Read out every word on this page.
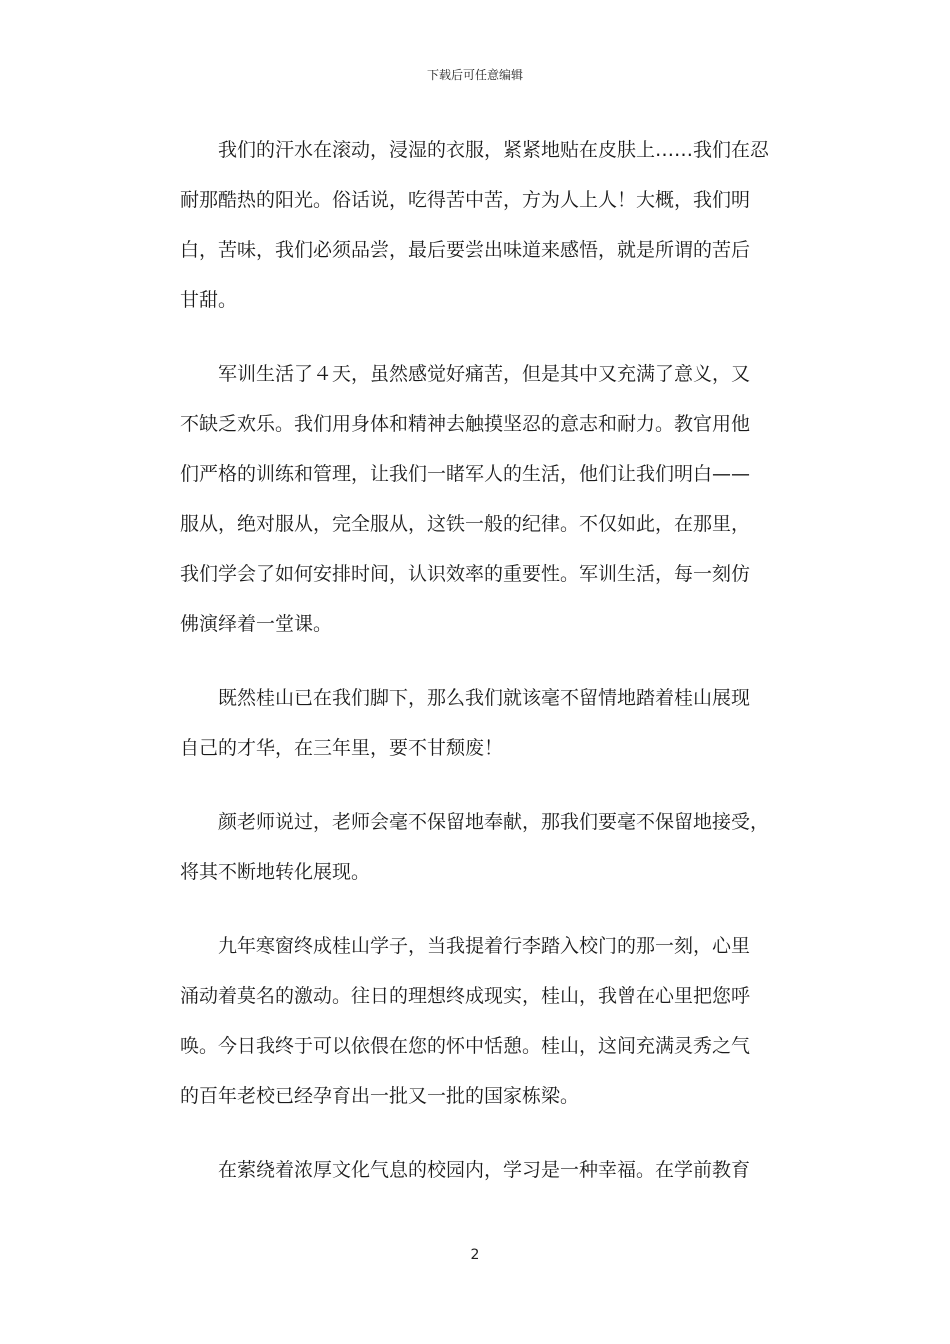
下载后可任意编辑
我们的汗水在滚动，浸湿的衣服，紧紧地贴在皮肤上……我们在忍
耐那酷热的阳光。俗话说，吃得苦中苦，方为人上人！大概，我们明
白，苦味，我们必须品尝，最后要尝出味道来感悟，就是所谓的苦后
甘甜。
军训生活了４天，虽然感觉好痛苦，但是其中又充满了意义，又
不缺乏欢乐。我们用身体和精神去触摸坚忍的意志和耐力。教官用他
们严格的训练和管理，让我们一睹军人的生活，他们让我们明白——
服从，绝对服从，完全服从，这铁一般的纪律。不仅如此，在那里，
我们学会了如何安排时间，认识效率的重要性。军训生活，每一刻仿
佛演绎着一堂课。
既然桂山已在我们脚下，那么我们就该毫不留情地踏着桂山展现
自己的才华，在三年里，要不甘颓废！
颜老师说过，老师会毫不保留地奉献，那我们要毫不保留地接受，
将其不断地转化展现。
九年寒窗终成桂山学子，当我提着行李踏入校门的那一刻，心里
涌动着莫名的激动。往日的理想终成现实，桂山，我曾在心里把您呼
唤。今日我终于可以依偎在您的怀中恬憩。桂山，这间充满灵秀之气
的百年老校已经孕育出一批又一批的国家栋梁。
在萦绕着浓厚文化气息的校园内，学习是一种幸福。在学前教育
2
